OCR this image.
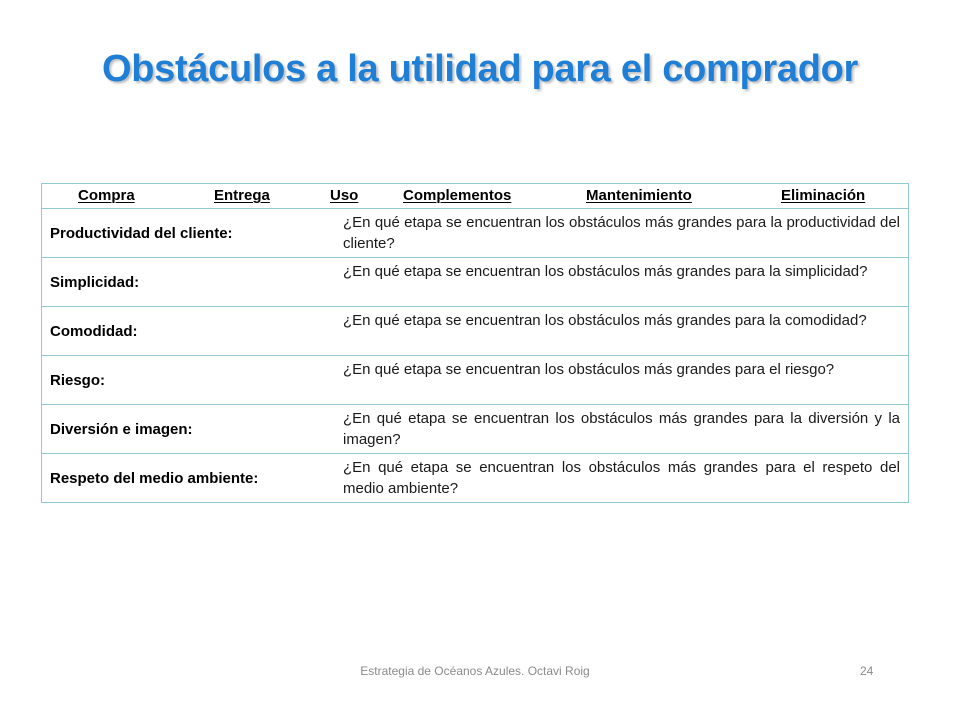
Obstáculos a la utilidad para el comprador
Compra	Entrega	Uso	Complementos	Mantenimiento	Eliminación
Productividad del cliente:
¿En qué etapa se encuentran los obstáculos más grandes para la productividad del cliente?
Simplicidad:
¿En qué etapa se encuentran los obstáculos más grandes para la simplicidad?
Comodidad:
¿En qué etapa se encuentran los obstáculos más grandes para la comodidad?
Riesgo:
¿En qué etapa se encuentran los obstáculos más grandes para el riesgo?
Diversión e imagen:
¿En qué etapa se encuentran los obstáculos más grandes para la diversión y la imagen?
Respeto del medio ambiente:
¿En qué etapa se encuentran los obstáculos más grandes para el respeto del medio ambiente?
Estrategia de Océanos Azules. Octavi Roig	24
